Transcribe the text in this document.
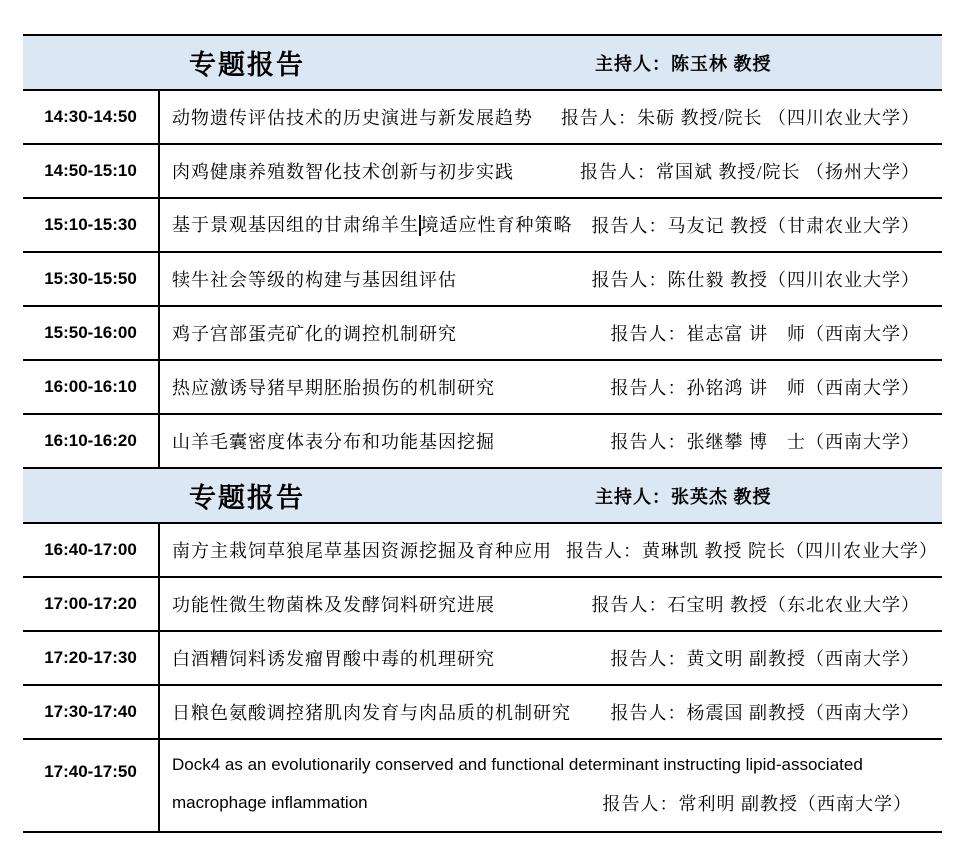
专题报告	主持人：陈玉林 教授
14:30-14:50 动物遗传评估技术的历史演进与新发展趋势	报告人：朱砺 教授/院长 （四川农业大学）
14:50-15:10 肉鸡健康养殖数智化技术创新与初步实践	报告人：常国斌 教授/院长 （扬州大学）
15:10-15:30 基于景观基因组的甘肃绵羊生境适应性育种策略	报告人：马友记 教授（甘肃农业大学）
15:30-15:50 犊牛社会等级的构建与基因组评估	报告人：陈仕毅 教授（四川农业大学）
15:50-16:00 鸡子宫部蛋壳矿化的调控机制研究	报告人：崔志富 讲　师（西南大学）
16:00-16:10 热应激诱导猪早期胚胎损伤的机制研究	报告人：孙铭鸿 讲　师（西南大学）
16:10-16:20 山羊毛囊密度体表分布和功能基因挖掘	报告人：张继攀 博　士（西南大学）
专题报告	主持人：张英杰 教授
16:40-17:00 南方主栽饲草狼尾草基因资源挖掘及育种应用 报告人：黄琳凯 教授 院长（四川农业大学）
17:00-17:20 功能性微生物菌株及发酵饲料研究进展	报告人：石宝明 教授（东北农业大学）
17:20-17:30 白酒糟饲料诱发瘤胃酸中毒的机理研究	报告人：黄文明 副教授（西南大学）
17:30-17:40 日粮色氨酸调控猪肌肉发育与肉品质的机制研究	报告人：杨震国 副教授（西南大学）
17:40-17:50 Dock4 as an evolutionarily conserved and functional determinant instructing lipid-associated
macrophage inflammation	报告人：常利明 副教授（西南大学）
